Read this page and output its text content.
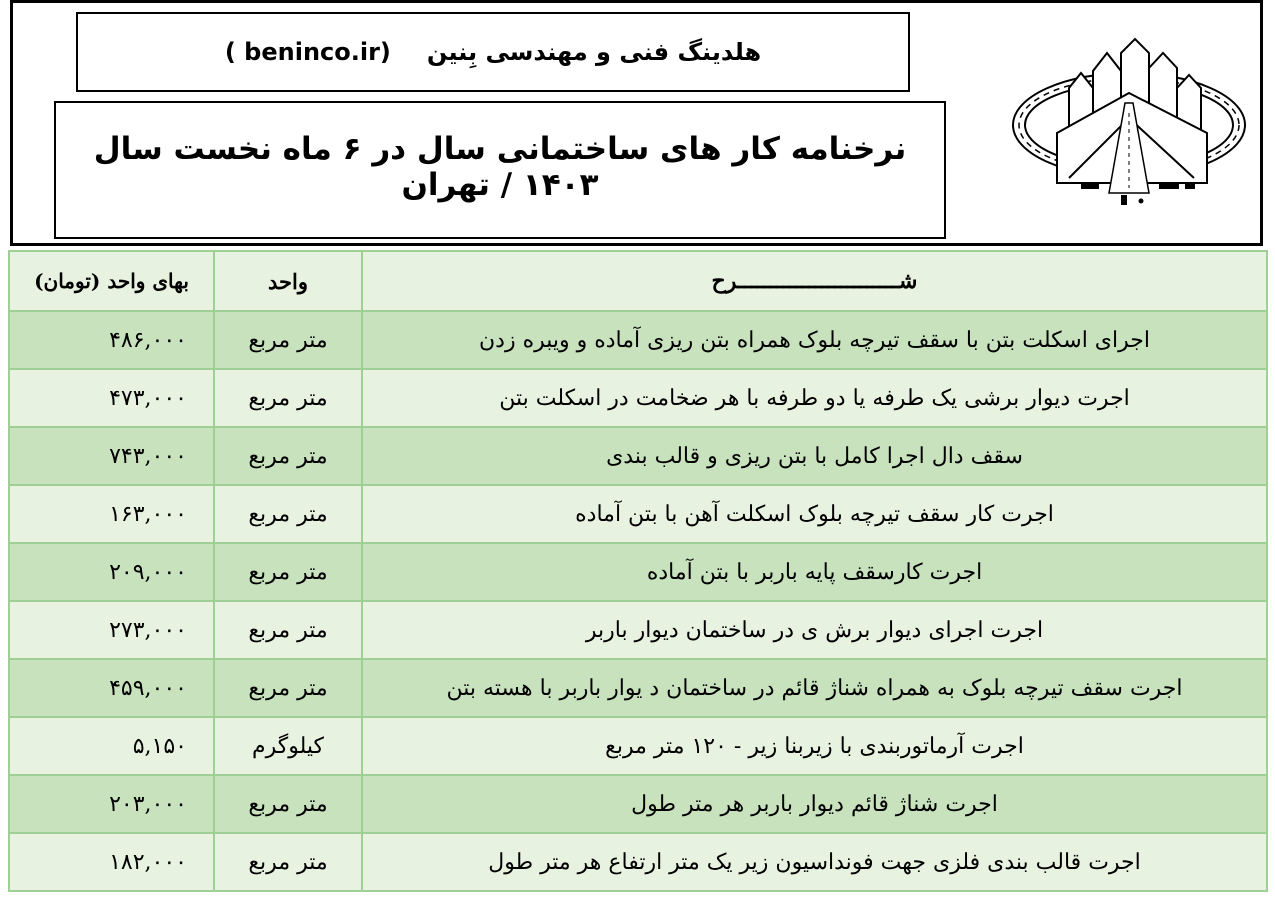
هلدینگ فنی و مهندسی بِنین
( beninco.ir)
نرخنامه کار های ساختمانی سال در ۶ ماه نخست سال ۱۴۰۳ / تهران
بهای واحد (تومان)	واحد	شـــــــــــــــــــــــــرح
۴۸۶,۰۰۰	متر مربع	اجرای اسکلت بتن با سقف تیرچه بلوک همراه بتن ریزی آماده و ویبره زدن
۴۷۳,۰۰۰	متر مربع	اجرت دیوار برشی یک طرفه یا دو طرفه با هر ضخامت در اسکلت بتن
۷۴۳,۰۰۰	متر مربع	سقف دال اجرا کامل با بتن ریزی و قالب بندی
۱۶۳,۰۰۰	متر مربع	اجرت کار سقف تیرچه بلوک اسکلت آهن با بتن آماده
۲۰۹,۰۰۰	متر مربع	اجرت کارسقف پایه باربر با بتن آماده
۲۷۳,۰۰۰	متر مربع	اجرت اجرای دیوار برش ی در ساختمان دیوار باربر
۴۵۹,۰۰۰	متر مربع	اجرت سقف تیرچه بلوک به همراه شناژ قائم در ساختمان د یوار باربر با هسته بتن
۵,۱۵۰	کیلوگرم	اجرت آرماتوربندی با زیربنا زیر - ۱۲۰ متر مربع
۲۰۳,۰۰۰	متر مربع	اجرت شناژ قائم دیوار باربر هر متر طول
۱۸۲,۰۰۰	متر مربع	اجرت قالب بندی فلزی جهت فونداسیون زیر یک متر ارتفاع هر متر طول
